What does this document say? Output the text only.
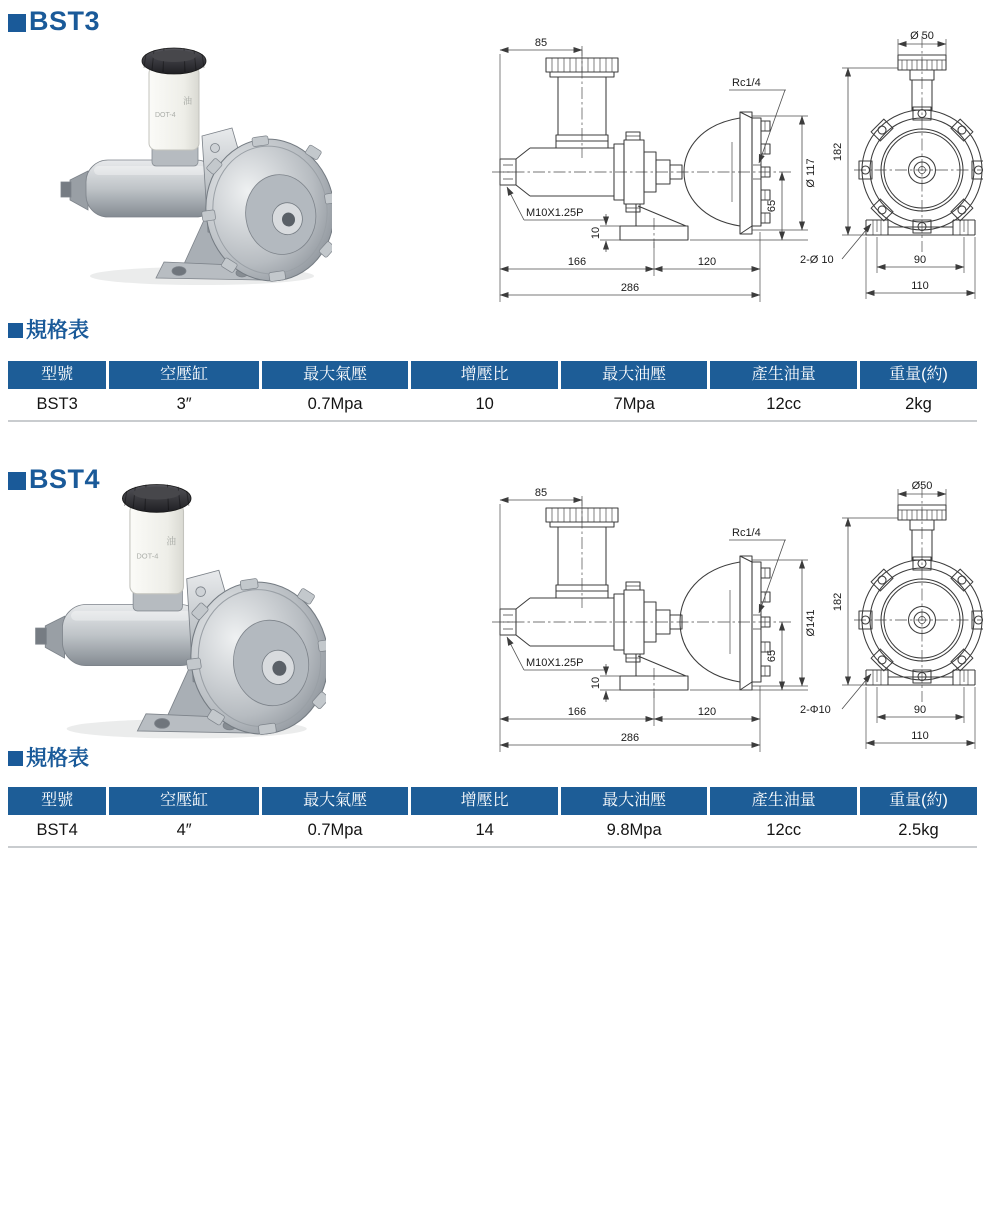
BST3
油
DOT-4
85
Rc1/4
Ø 117
65
10
M10X1.25P
166	120
286
Ø 50
182
90
110
2-Ø 10
規格表
型號	空壓缸	最大氣壓	增壓比	最大油壓	產生油量	重量(約)
BST3	3″	0.7Mpa	10	7Mpa	12cc	2kg
BST4
油
DOT-4
85
Rc1/4
Ø141
65
10
M10X1.25P
166	120
286
Ø50
182
90
110
2-Φ10
規格表
型號	空壓缸	最大氣壓	增壓比	最大油壓	產生油量	重量(約)
BST4	4″	0.7Mpa	14	9.8Mpa	12cc	2.5kg
